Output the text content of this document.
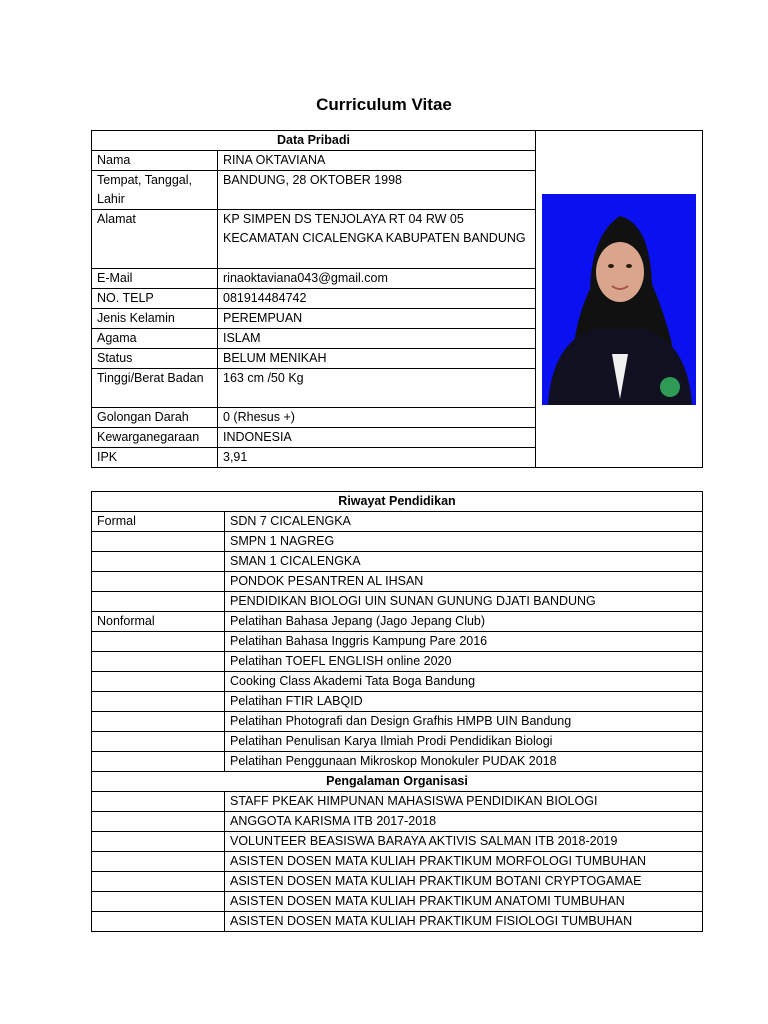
Curriculum Vitae
Data Pribadi	

Nama	RINA OKTAVIANA	
Tempat, Tanggal, Lahir	BANDUNG, 28 OKTOBER 1998	
Alamat	KP SIMPEN DS TENJOLAYA RT 04 RW 05 KECAMATAN CICALENGKA KABUPATEN BANDUNG	
E-Mail	rinaoktaviana043@gmail.com	
NO. TELP	081914484742	
Jenis Kelamin	PEREMPUAN	
Agama	ISLAM	
Status	BELUM MENIKAH	
Tinggi/Berat Badan	163 cm /50 Kg	
Golongan Darah	0 (Rhesus +)	
Kewarganegaraan	INDONESIA	
IPK	3,91	
Riwayat Pendidikan	
Formal	SDN 7 CICALENGKA
	SMPN 1 NAGREG
	SMAN 1 CICALENGKA
	PONDOK PESANTREN AL IHSAN
	PENDIDIKAN BIOLOGI UIN SUNAN GUNUNG DJATI BANDUNG
Nonformal	Pelatihan Bahasa Jepang (Jago Jepang Club)
	Pelatihan Bahasa Inggris Kampung Pare 2016
	Pelatihan TOEFL ENGLISH online 2020
	Cooking Class Akademi Tata Boga Bandung
	Pelatihan FTIR LABQID
	Pelatihan Photografi dan Design Grafhis HMPB UIN Bandung
	Pelatihan Penulisan Karya Ilmiah Prodi Pendidikan Biologi
	Pelatihan Penggunaan Mikroskop Monokuler PUDAK 2018
Pengalaman Organisasi	
	STAFF PKEAK HIMPUNAN MAHASISWA PENDIDIKAN BIOLOGI
	ANGGOTA KARISMA ITB 2017-2018
	VOLUNTEER BEASISWA BARAYA AKTIVIS SALMAN ITB 2018-2019
	ASISTEN DOSEN MATA KULIAH PRAKTIKUM MORFOLOGI TUMBUHAN
	ASISTEN DOSEN MATA KULIAH PRAKTIKUM BOTANI CRYPTOGAMAE
	ASISTEN DOSEN MATA KULIAH PRAKTIKUM ANATOMI TUMBUHAN
	ASISTEN DOSEN MATA KULIAH PRAKTIKUM FISIOLOGI TUMBUHAN
